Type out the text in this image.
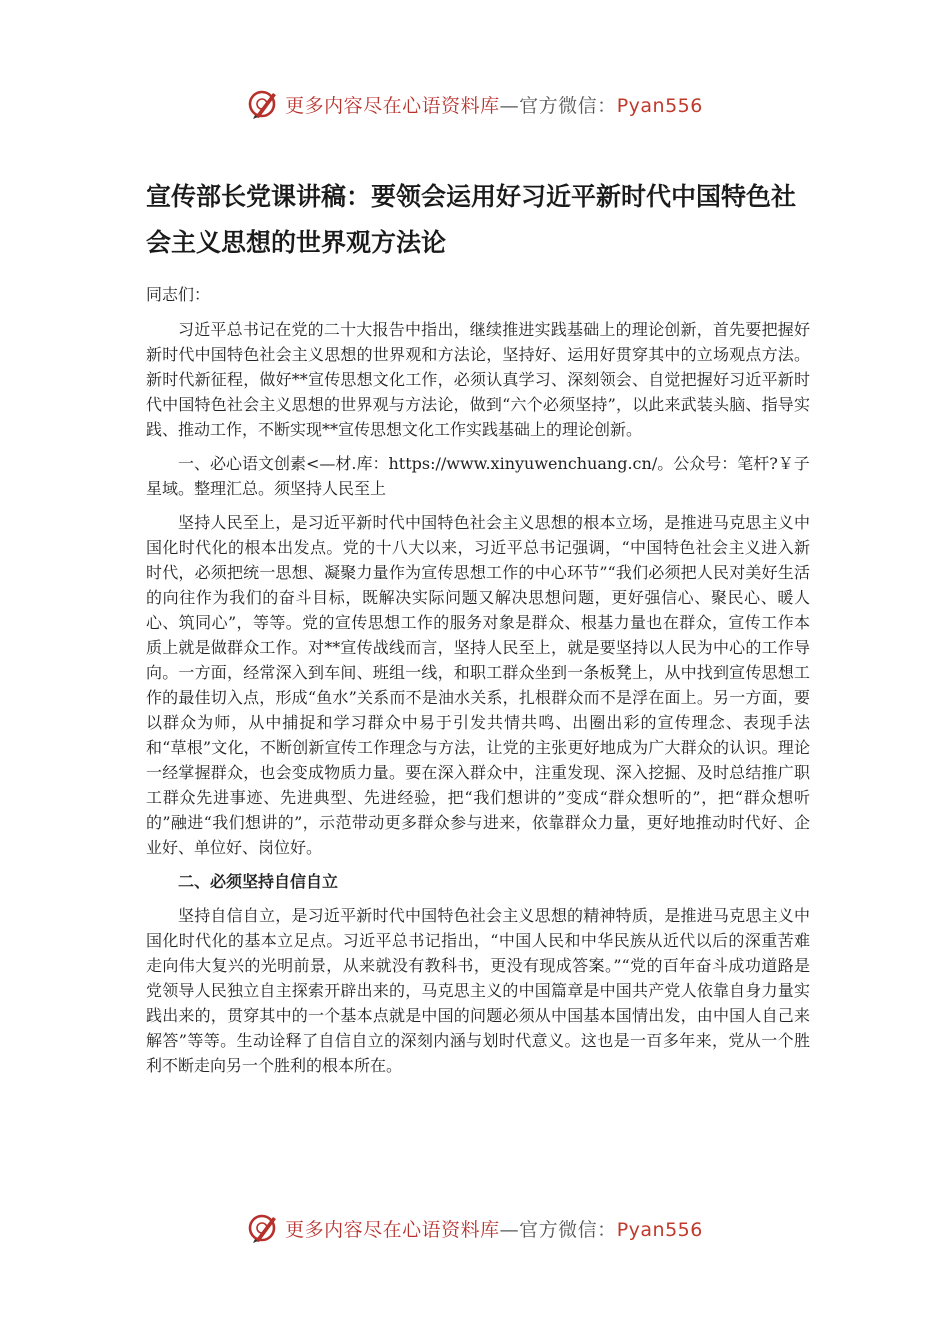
更多内容尽在心语资料库—官方微信：Pyan556
宣传部长党课讲稿：要领会运用好习近平新时代中国特色社会主义思想的世界观方法论

同志们：

习近平总书记在党的二十大报告中指出，继续推进实践基础上的理论创新，首先要把握好新时代中国特色社会主义思想的世界观和方法论，坚持好、运用好贯穿其中的立场观点方法。新时代新征程，做好**宣传思想文化工作，必须认真学习、深刻领会、自觉把握好习近平新时代中国特色社会主义思想的世界观与方法论，做到“六个必须坚持”，以此来武装头脑、指导实践、推动工作，不断实现**宣传思想文化工作实践基础上的理论创新。

一、必心语文创素<—材.库：https://www.xinyuwenchuang.cn/。公众号：笔杆?￥子星域。整理汇总。须坚持人民至上

坚持人民至上，是习近平新时代中国特色社会主义思想的根本立场，是推进马克思主义中国化时代化的根本出发点。党的十八大以来，习近平总书记强调，“中国特色社会主义进入新时代，必须把统一思想、凝聚力量作为宣传思想工作的中心环节”“我们必须把人民对美好生活的向往作为我们的奋斗目标，既解决实际问题又解决思想问题，更好强信心、聚民心、暖人心、筑同心”，等等。党的宣传思想工作的服务对象是群众、根基力量也在群众，宣传工作本质上就是做群众工作。对**宣传战线而言，坚持人民至上，就是要坚持以人民为中心的工作导向。一方面，经常深入到车间、班组一线，和职工群众坐到一条板凳上，从中找到宣传思想工作的最佳切入点，形成“鱼水”关系而不是油水关系，扎根群众而不是浮在面上。另一方面，要以群众为师，从中捕捉和学习群众中易于引发共情共鸣、出圈出彩的宣传理念、表现手法和“草根”文化，不断创新宣传工作理念与方法，让党的主张更好地成为广大群众的认识。理论一经掌握群众，也会变成物质力量。要在深入群众中，注重发现、深入挖掘、及时总结推广职工群众先进事迹、先进典型、先进经验，把“我们想讲的”变成“群众想听的”，把“群众想听的”融进“我们想讲的”，示范带动更多群众参与进来，依靠群众力量，更好地推动时代好、企业好、单位好、岗位好。

二、必须坚持自信自立

坚持自信自立，是习近平新时代中国特色社会主义思想的精神特质，是推进马克思主义中国化时代化的基本立足点。习近平总书记指出，“中国人民和中华民族从近代以后的深重苦难走向伟大复兴的光明前景，从来就没有教科书，更没有现成答案。”“党的百年奋斗成功道路是党领导人民独立自主探索开辟出来的，马克思主义的中国篇章是中国共产党人依靠自身力量实践出来的，贯穿其中的一个基本点就是中国的问题必须从中国基本国情出发，由中国人自己来解答”等等。生动诠释了自信自立的深刻内涵与划时代意义。这也是一百多年来，党从一个胜利不断走向另一个胜利的根本所在。

更多内容尽在心语资料库—官方微信：Pyan556
